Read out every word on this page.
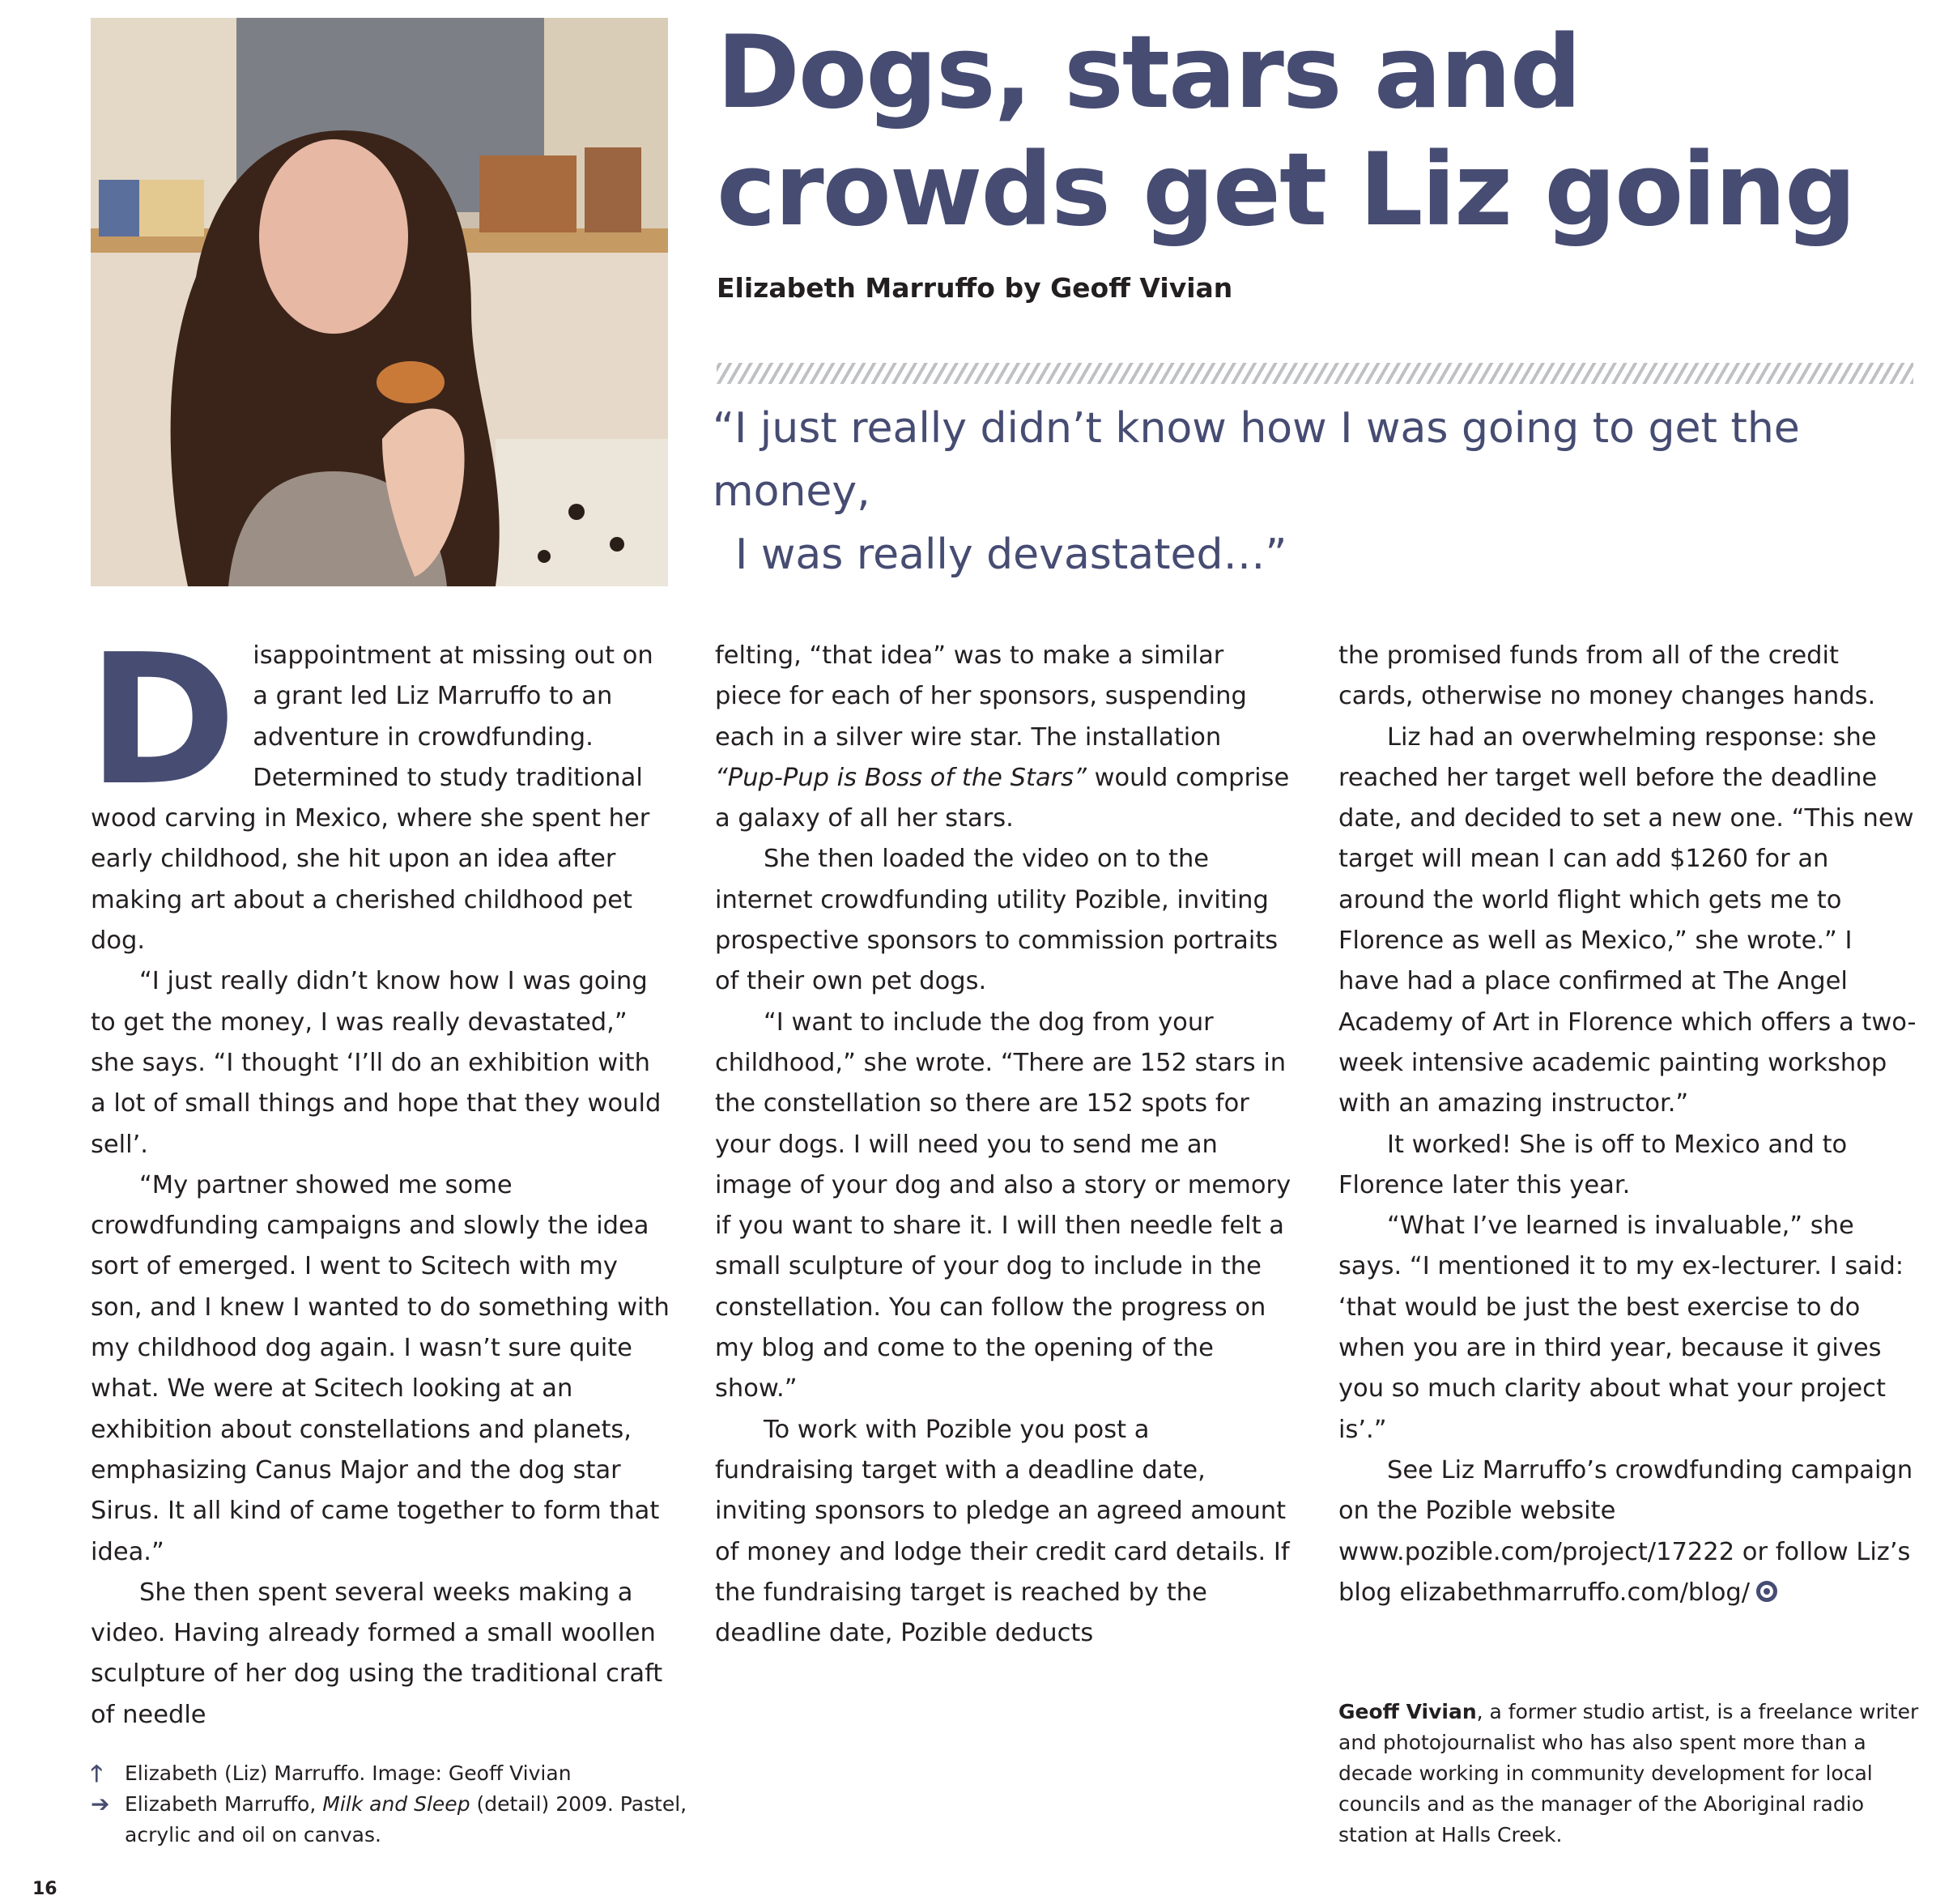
Dogs, stars and
crowds get Liz going

Elizabeth Marruffo by Geoff Vivian

“I just really didn’t know how I was going to get the money,
I was really devastated…”

Disappointment at missing out on a grant led Liz Marruffo to an adventure in crowdfunding. Determined to study traditional wood carving in Mexico, where she spent her early childhood, she hit upon an idea after making art about a cherished childhood pet dog.

“I just really didn’t know how I was going to get the money, I was really devastated,” she says. “I thought ‘I’ll do an exhibition with a lot of small things and hope that they would sell’.

“My partner showed me some crowdfunding campaigns and slowly the idea sort of emerged. I went to Scitech with my son, and I knew I wanted to do something with my childhood dog again. I wasn’t sure quite what. We were at Scitech looking at an exhibition about constellations and planets, emphasizing Canus Major and the dog star Sirus. It all kind of came together to form that idea.”

She then spent several weeks making a video. Having already formed a small woollen sculpture of her dog using the traditional craft of needle

felting, “that idea” was to make a similar piece for each of her sponsors, suspending each in a silver wire star. The installation “Pup-Pup is Boss of the Stars” would comprise a galaxy of all her stars.

She then loaded the video on to the internet crowdfunding utility Pozible, inviting prospective sponsors to commission portraits of their own pet dogs.

“I want to include the dog from your childhood,” she wrote. “There are 152 stars in the constellation so there are 152 spots for your dogs. I will need you to send me an image of your dog and also a story or memory if you want to share it. I will then needle felt a small sculpture of your dog to include in the constellation. You can follow the progress on my blog and come to the opening of the show.”

To work with Pozible you post a fundraising target with a deadline date, inviting sponsors to pledge an agreed amount of money and lodge their credit card details. If the fundraising target is reached by the deadline date, Pozible deducts

the promised funds from all of the credit cards, otherwise no money changes hands.

Liz had an overwhelming response: she reached her target well before the deadline date, and decided to set a new one. “This new target will mean I can add $1260 for an around the world flight which gets me to Florence as well as Mexico,” she wrote.” I have had a place confirmed at The Angel Academy of Art in Florence which offers a two-week intensive academic painting workshop with an amazing instructor.”

It worked! She is off to Mexico and to Florence later this year.

“What I’ve learned is invaluable,” she says. “I mentioned it to my ex-lecturer. I said: ‘that would be just the best exercise to do when you are in third year, because it gives you so much clarity about what your project is’.”

See Liz Marruffo’s crowdfunding campaign on the Pozible website www.pozible.com/project/17222 or follow Liz’s blog elizabethmarruffo.com/blog/

🡑	Elizabeth (Liz) Marruffo. Image: Geoff Vivian

➔ Elizabeth Marruffo, Milk and Sleep (detail) 2009. Pastel, acrylic and oil on canvas.

Geoff Vivian, a former studio artist, is a freelance writer and photojournalist who has also spent more than a decade working in community development for local councils and as the manager of the Aboriginal radio station at Halls Creek.

16
